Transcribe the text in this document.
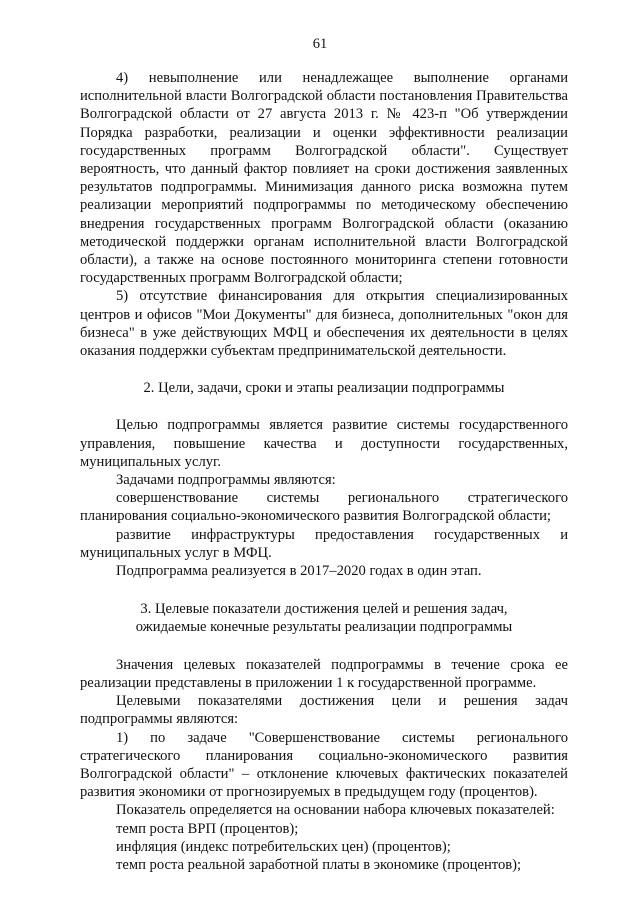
61

4) невыполнение или ненадлежащее выполнение органами исполнительной власти Волгоградской области постановления Правительства Волгоградской области от 27 августа 2013 г. № 423-п "Об утверждении Порядка разработки, реализации и оценки эффективности реализации государственных программ Волгоградской области". Существует вероятность, что данный фактор повлияет на сроки достижения заявленных результатов подпрограммы. Минимизация данного риска возможна путем реализации мероприятий подпрограммы по методическому обеспечению внедрения государственных программ Волгоградской области (оказанию методической поддержки органам исполнительной власти Волгоградской области), а также на основе постоянного мониторинга степени готовности государственных программ Волгоградской области;

5) отсутствие финансирования для открытия специализированных центров и офисов "Мои Документы" для бизнеса, дополнительных "окон для бизнеса" в уже действующих МФЦ и обеспечения их деятельности в целях оказания поддержки субъектам предпринимательской деятельности.

2. Цели, задачи, сроки и этапы реализации подпрограммы

Целью подпрограммы является развитие системы государственного управления, повышение качества и доступности государственных, муниципальных услуг.

Задачами подпрограммы являются:

совершенствование системы регионального стратегического планирования социально-экономического развития Волгоградской области;

развитие инфраструктуры предоставления государственных и муниципальных услуг в МФЦ.

Подпрограмма реализуется в 2017–2020 годах в один этап.

3. Целевые показатели достижения целей и решения задач,
ожидаемые конечные результаты реализации подпрограммы

Значения целевых показателей подпрограммы в течение срока ее реализации представлены в приложении 1 к государственной программе.

Целевыми показателями достижения цели и решения задач подпрограммы являются:

1) по задаче "Совершенствование системы регионального стратегического планирования социально-экономического развития Волгоградской области" – отклонение ключевых фактических показателей развития экономики от прогнозируемых в предыдущем году (процентов).

Показатель определяется на основании набора ключевых показателей:

темп роста ВРП (процентов);

инфляция (индекс потребительских цен) (процентов);

темп роста реальной заработной платы в экономике (процентов);
